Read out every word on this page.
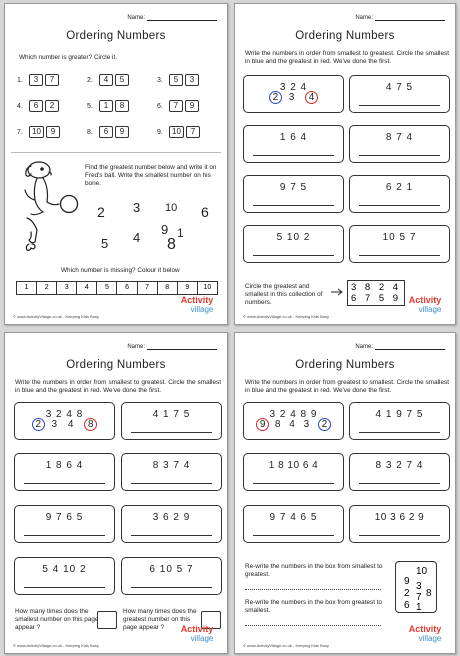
Name:
Ordering Numbers
Which number is greater? Circle it.
1.	3	7	2.	4	5	3.	5	3
4.	6	2	5.	1	8	6.	7	9
7.	10	9	8.	6	9	9.	10	7
Find the greatest number below and write it on Fred's ball. Write the smallest number on his bone.
2 3 10 6
5 4
9 1
8
Which number is missing? Colour it below
1	2	3	4	5	6	7	8	9	10
© www.ActivityVillage.co.uk - Keeping Kids Busy
Activity
village
Name:
Ordering Numbers
Write the numbers in order from smallest to greatest. Circle the smallest in blue and the greatest in red. We've done the first.
3 2 4
2 3 4
4 7 5
1 6 4	8 7 4
9 7 5	6 2 1
5 10 2	10 5 7
Circle the greatest and smallest in this collection of numbers.
3 8 2 4
6 7 5 9
© www.ActivityVillage.co.uk - Keeping Kids Busy
Activity
village
Name:
Ordering Numbers
Write the numbers in order from smallest to greatest. Circle the smallest in blue and the greatest in red. We've done the first.
3 2 4 8
2 3 4 8
4 1 7 5
1 8 6 4	8 3 7 4
9 7 6 5	3 6 2 9
5 4 10 2	6 10 5 7
How many times does the smallest number on this page appear ?
How many times does the greatest number on this page appear ?
© www.ActivityVillage.co.uk - Keeping Kids Busy
Activity
village
Name:
Ordering Numbers
Write the numbers in order from greatest to smallest. Circle the smallest in blue and the greatest in red. We've done the first.
3 2 4 8 9
9 8 4 3 2
4 1 9 7 5
1 8 10 6 4	8 3 2 7 4
9 7 4 6 5	10 3 6 2 9
Re-write the numbers in the box from smallest to greatest.
Re-write the numbers in the box from greatest to smallest.
10
9
2
3
7 8
6 1
© www.ActivityVillage.co.uk - Keeping Kids Busy
Activity
village
